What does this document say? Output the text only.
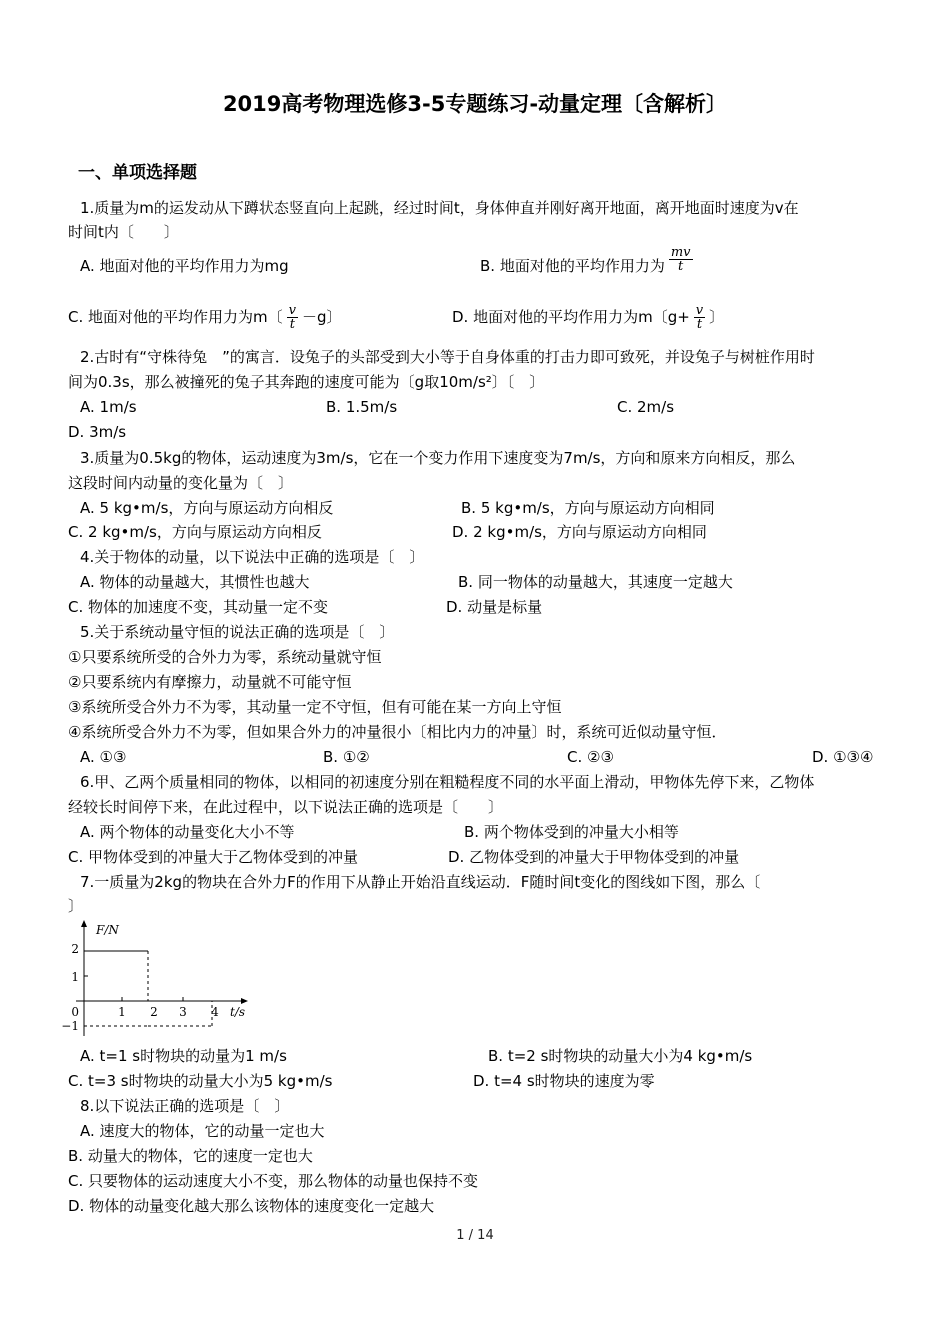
2019高考物理选修3-5专题练习-动量定理〔含解析〕
一、单项选择题
1.质量为m的运发动从下蹲状态竖直向上起跳，经过时间t，身体伸直并刚好离开地面，离开地面时速度为v在
时间t内〔　　〕
A. 地面对他的平均作用力为mg	B. 地面对他的平均作用力为 $\frac{mv}{t}$
C. 地面对他的平均作用力为m〔 $\frac{v}{t} -g$〕	D. 地面对他的平均作用力为m〔$g+ \frac{v}{t}$ 〕
2.古时有“守株待兔　”的寓言．设兔子的头部受到大小等于自身体重的打击力即可致死，并设兔子与树桩作用时
间为0.3s，那么被撞死的兔子其奔跑的速度可能为〔g取10m/s²〕〔　〕
A. 1m/s	B. 1.5m/s	C. 2m/s
D. 3m/s
3.质量为0.5kg的物体，运动速度为3m/s，它在一个变力作用下速度变为7m/s，方向和原来方向相反，那么
这段时间内动量的变化量为〔　〕
A. 5 kg•m/s，方向与原运动方向相反	B. 5 kg•m/s，方向与原运动方向相同
C. 2 kg•m/s，方向与原运动方向相反	D. 2 kg•m/s，方向与原运动方向相同
4.关于物体的动量，以下说法中正确的选项是〔　〕
A. 物体的动量越大，其惯性也越大	B. 同一物体的动量越大，其速度一定越大
C. 物体的加速度不变，其动量一定不变	D. 动量是标量
5.关于系统动量守恒的说法正确的选项是〔　〕
①只要系统所受的合外力为零，系统动量就守恒
②只要系统内有摩擦力，动量就不可能守恒
③系统所受合外力不为零，其动量一定不守恒，但有可能在某一方向上守恒
④系统所受合外力不为零，但如果合外力的冲量很小〔相比内力的冲量〕时，系统可近似动量守恒．
A. ①③	B. ①②	C. ②③	D. ①③④
6.甲、乙两个质量相同的物体，以相同的初速度分别在粗糙程度不同的水平面上滑动，甲物体先停下来，乙物体
经较长时间停下来，在此过程中，以下说法正确的选项是〔　　〕
A. 两个物体的动量变化大小不等	B. 两个物体受到的冲量大小相等
C. 甲物体受到的冲量大于乙物体受到的冲量	D. 乙物体受到的冲量大于甲物体受到的冲量
7.一质量为2kg的物块在合外力F的作用下从静止开始沿直线运动．F随时间t变化的图线如下图，那么〔
〕
F/N
t/s
0
2
1
−1
1 2 3 4
A. t=1 s时物块的动量为1 m/s	B. t=2 s时物块的动量大小为4 kg•m/s
C. t=3 s时物块的动量大小为5 kg•m/s	D. t=4 s时物块的速度为零
8.以下说法正确的选项是〔　〕
A. 速度大的物体，它的动量一定也大
B. 动量大的物体，它的速度一定也大
C. 只要物体的运动速度大小不变，那么物体的动量也保持不变
D. 物体的动量变化越大那么该物体的速度变化一定越大
1 / 14
